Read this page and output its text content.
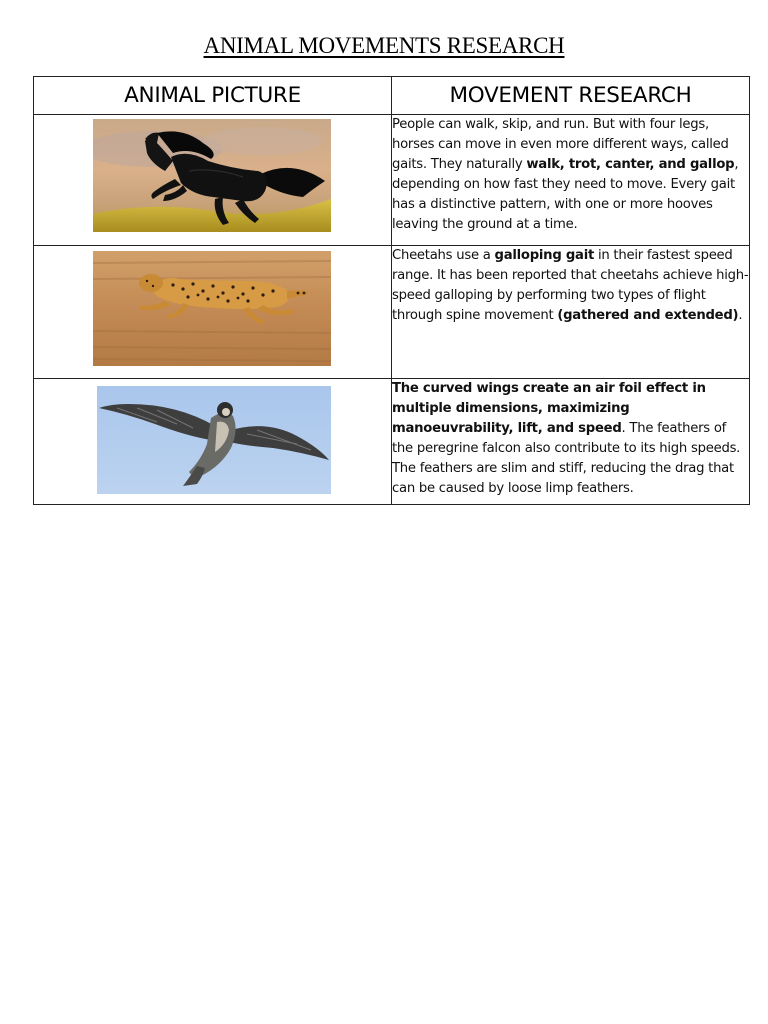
ANIMAL MOVEMENTS RESEARCH
ANIMAL PICTURE	MOVEMENT RESEARCH

	People can walk, skip, and run. But with four legs, horses can move in even more different ways, called gaits. They naturally walk, trot, canter, and gallop, depending on how fast they need to move. Every gait has a distinctive pattern, with one or more hooves leaving the ground at a time.

	Cheetahs use a galloping gait in their fastest speed range. It has been reported that cheetahs achieve high-speed galloping by performing two types of flight through spine movement (gathered and extended).

	The curved wings create an air foil effect in multiple dimensions, maximizing manoeuvrability, lift, and speed. The feathers of the peregrine falcon also contribute to its high speeds. The feathers are slim and stiff, reducing the drag that can be caused by loose limp feathers.
